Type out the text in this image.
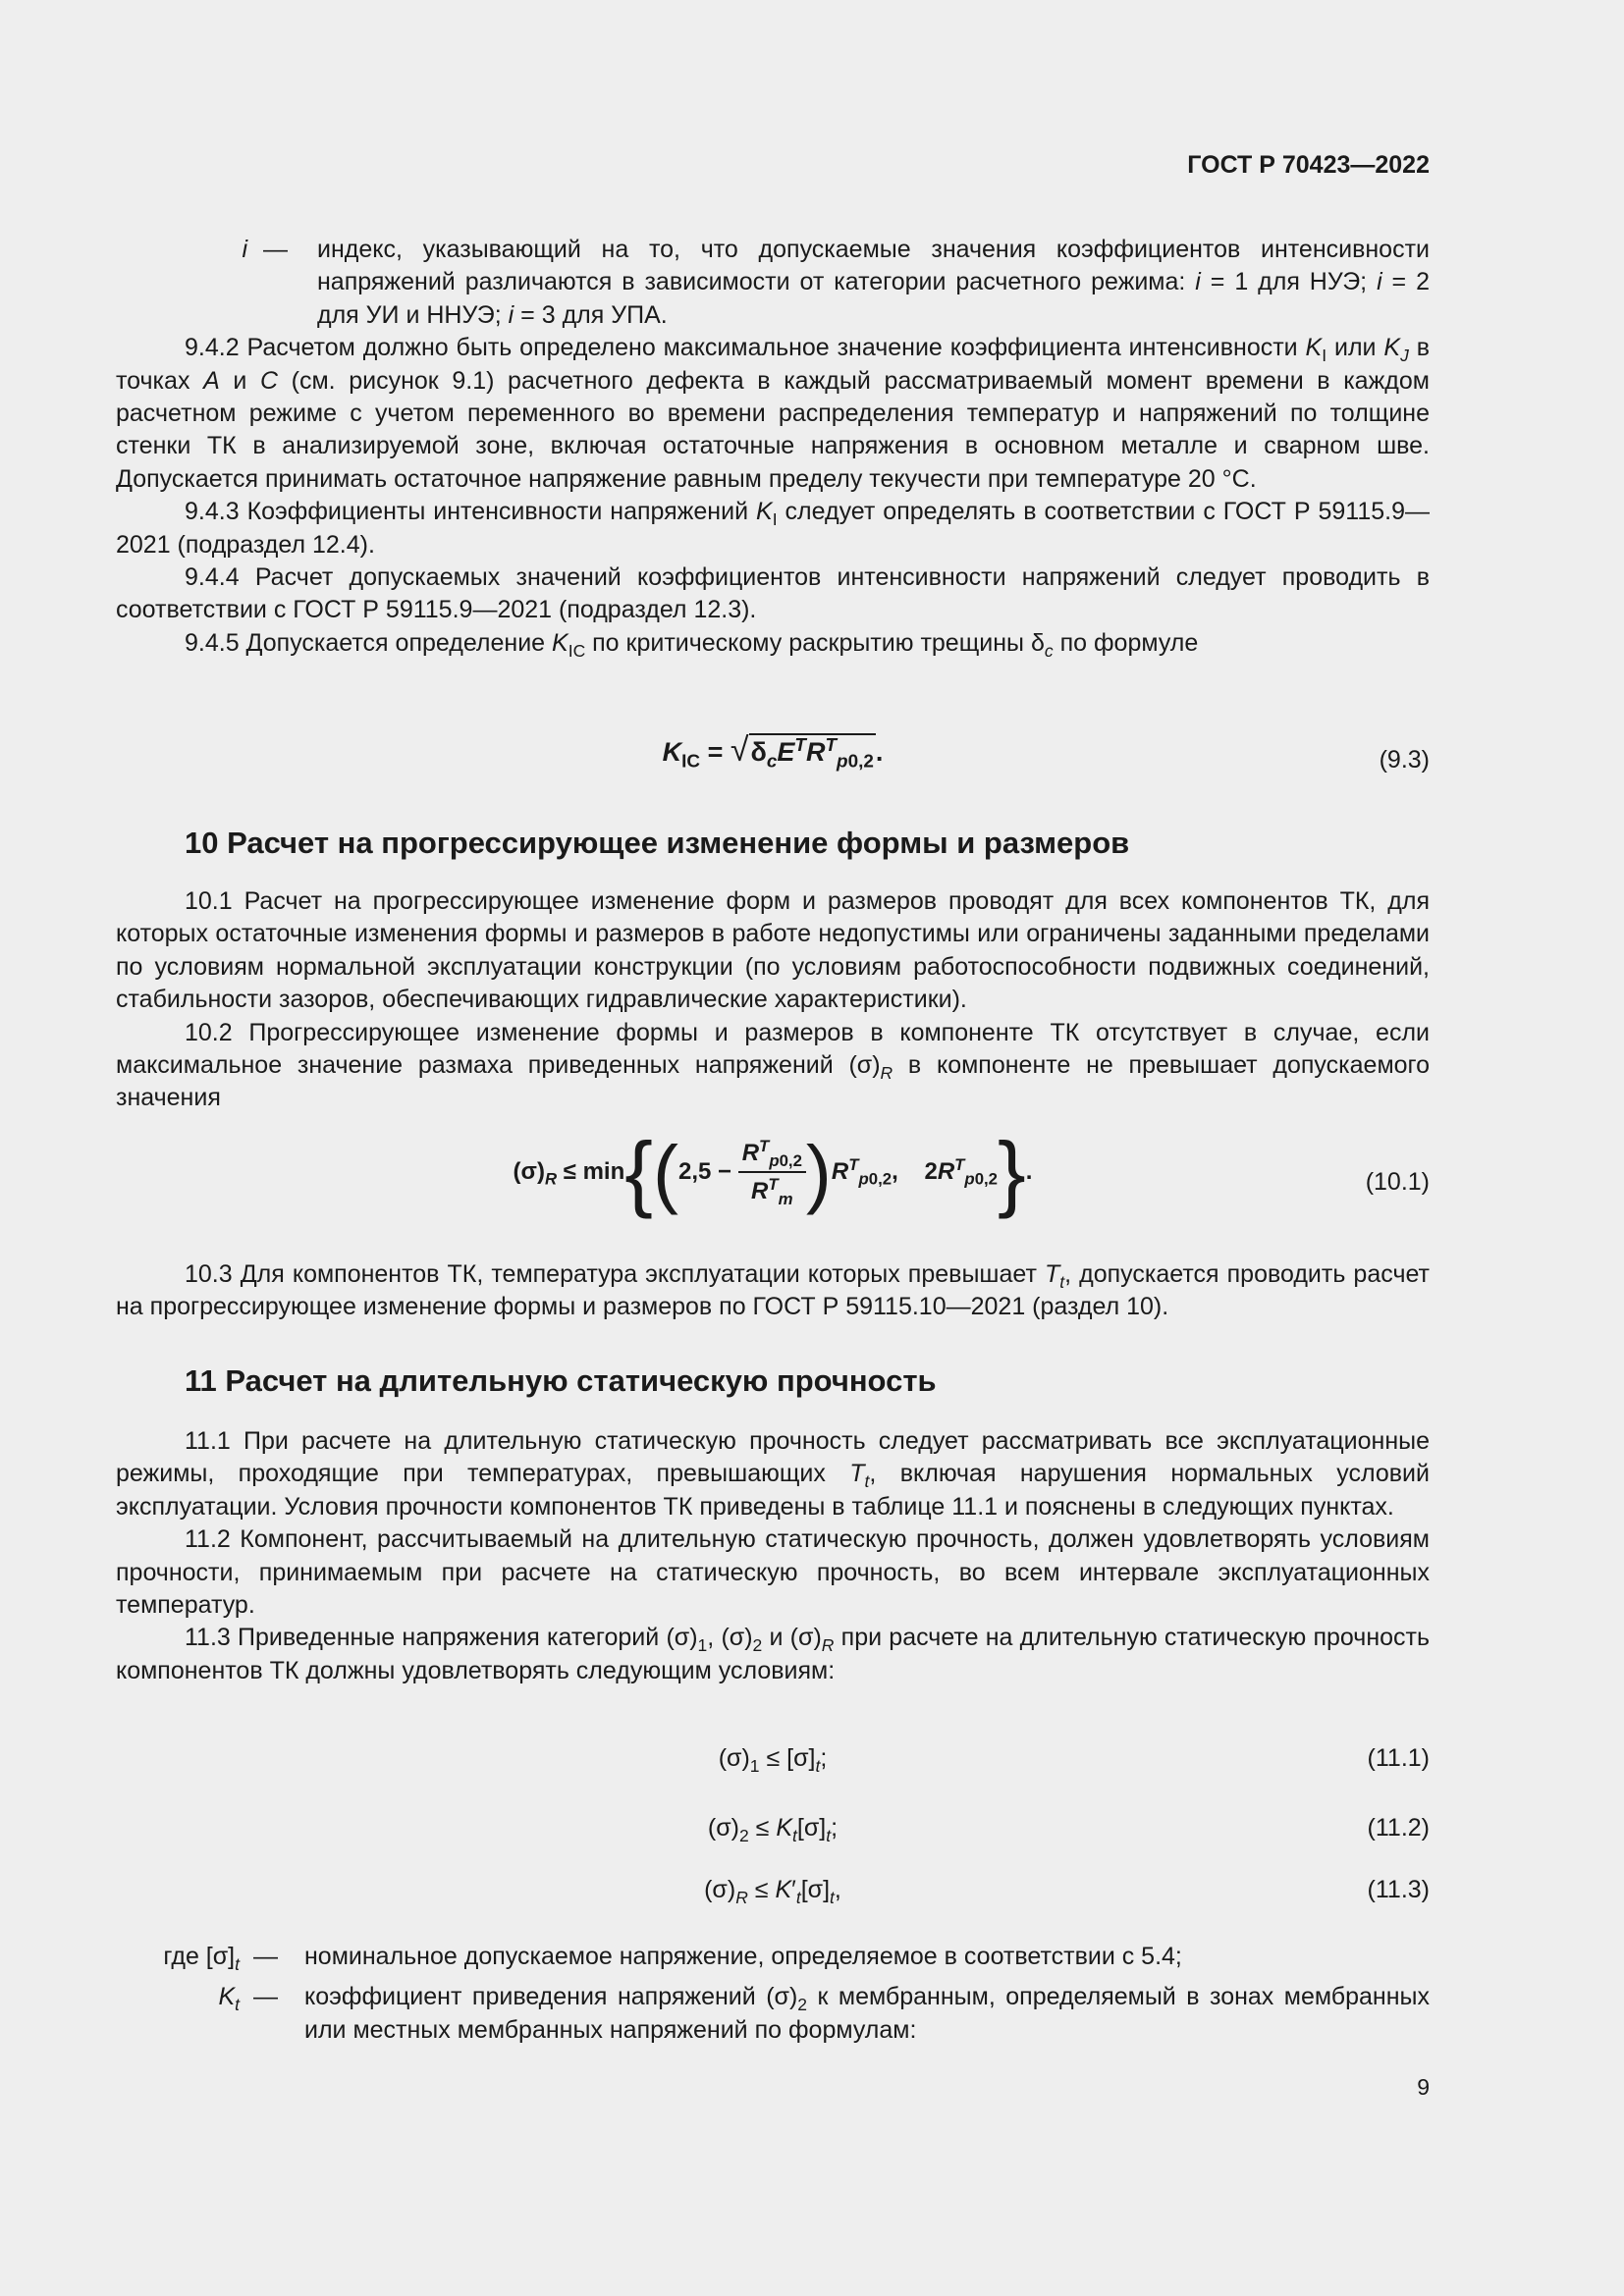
ГОСТ Р 70423—2022
i —	индекс, указывающий на то, что допускаемые значения коэффициентов интенсивности напряжений различаются в зависимости от категории расчетного режима: i = 1 для НУЭ; i = 2 для УИ и ННУЭ; i = 3 для УПА.

9.4.2 Расчетом должно быть определено максимальное значение коэффициента интенсивности $K_I$ или $K_J$ в точках A и C (см. рисунок 9.1) расчетного дефекта в каждый рассматриваемый момент времени в каждом расчетном режиме с учетом переменного во времени распределения температур и напряжений по толщине стенки ТК в анализируемой зоне, включая остаточные напряжения в основном металле и сварном шве. Допускается принимать остаточное напряжение равным пределу текучести при температуре 20 °С.

9.4.3 Коэффициенты интенсивности напряжений $K_I$ следует определять в соответствии с ГОСТ Р 59115.9—2021 (подраздел 12.4).

9.4.4 Расчет допускаемых значений коэффициентов интенсивности напряжений следует проводить в соответствии с ГОСТ Р 59115.9—2021 (подраздел 12.3).

9.4.5 Допускается определение $K_{IC}$ по критическому раскрытию трещины $\delta_c$ по формуле

$K_{IC} = √\delta_cE^TR^T_{p0,2}$.	(9.3)
10 Расчет на прогрессирующее изменение формы и размеров

10.1 Расчет на прогрессирующее изменение форм и размеров проводят для всех компонентов ТК, для которых остаточные изменения формы и размеров в работе недопустимы или ограничены заданными пределами по условиям нормальной эксплуатации конструкции (по условиям работоспособности подвижных соединений, стабильности зазоров, обеспечивающих гидравлические характеристики).

10.2 Прогрессирующее изменение формы и размеров в компоненте ТК отсутствует в случае, если максимальное значение размаха приведенных напряжений $(\sigma)_R$ в компоненте не превышает допускаемого значения

$(\sigma)_R \le \min\{(2,5 - \frac{R^T_{p0,2}}{R^T_m} )R^T_{p0,2}$,    $2R^T_{p0,2}$}.	(10.1)

10.3 Для компонентов ТК, температура эксплуатации которых превышает $T_t$, допускается проводить расчет на прогрессирующее изменение формы и размеров по ГОСТ Р 59115.10—2021 (раздел 10).

11 Расчет на длительную статическую прочность

11.1 При расчете на длительную статическую прочность следует рассматривать все эксплуатационные режимы, проходящие при температурах, превышающих $T_t$, включая нарушения нормальных условий эксплуатации. Условия прочности компонентов ТК приведены в таблице 11.1 и пояснены в следующих пунктах.

11.2 Компонент, рассчитываемый на длительную статическую прочность, должен удовлетворять условиям прочности, принимаемым при расчете на статическую прочность, во всем интервале эксплуатационных температур.

11.3 Приведенные напряжения категорий $(\sigma)_1$, $(\sigma)_2$ и $(\sigma)_R$ при расчете на длительную статическую прочность компонентов ТК должны удовлетворять следующим условиям:

$(\sigma)_1 \le [\sigma]_t$;	(11.1)
$(\sigma)_2 \le K_t[\sigma]_t$;	(11.2)
$(\sigma)_R \le K'_t[\sigma]_t$,	(11.3)
где $[\sigma]_t$ —	номинальное допускаемое напряжение, определяемое в соответствии с 5.4;
$K_t$ —	коэффициент приведения напряжений $(\sigma)_2$ к мембранным, определяемый в зонах мембранных или местных мембранных напряжений по формулам:
9
